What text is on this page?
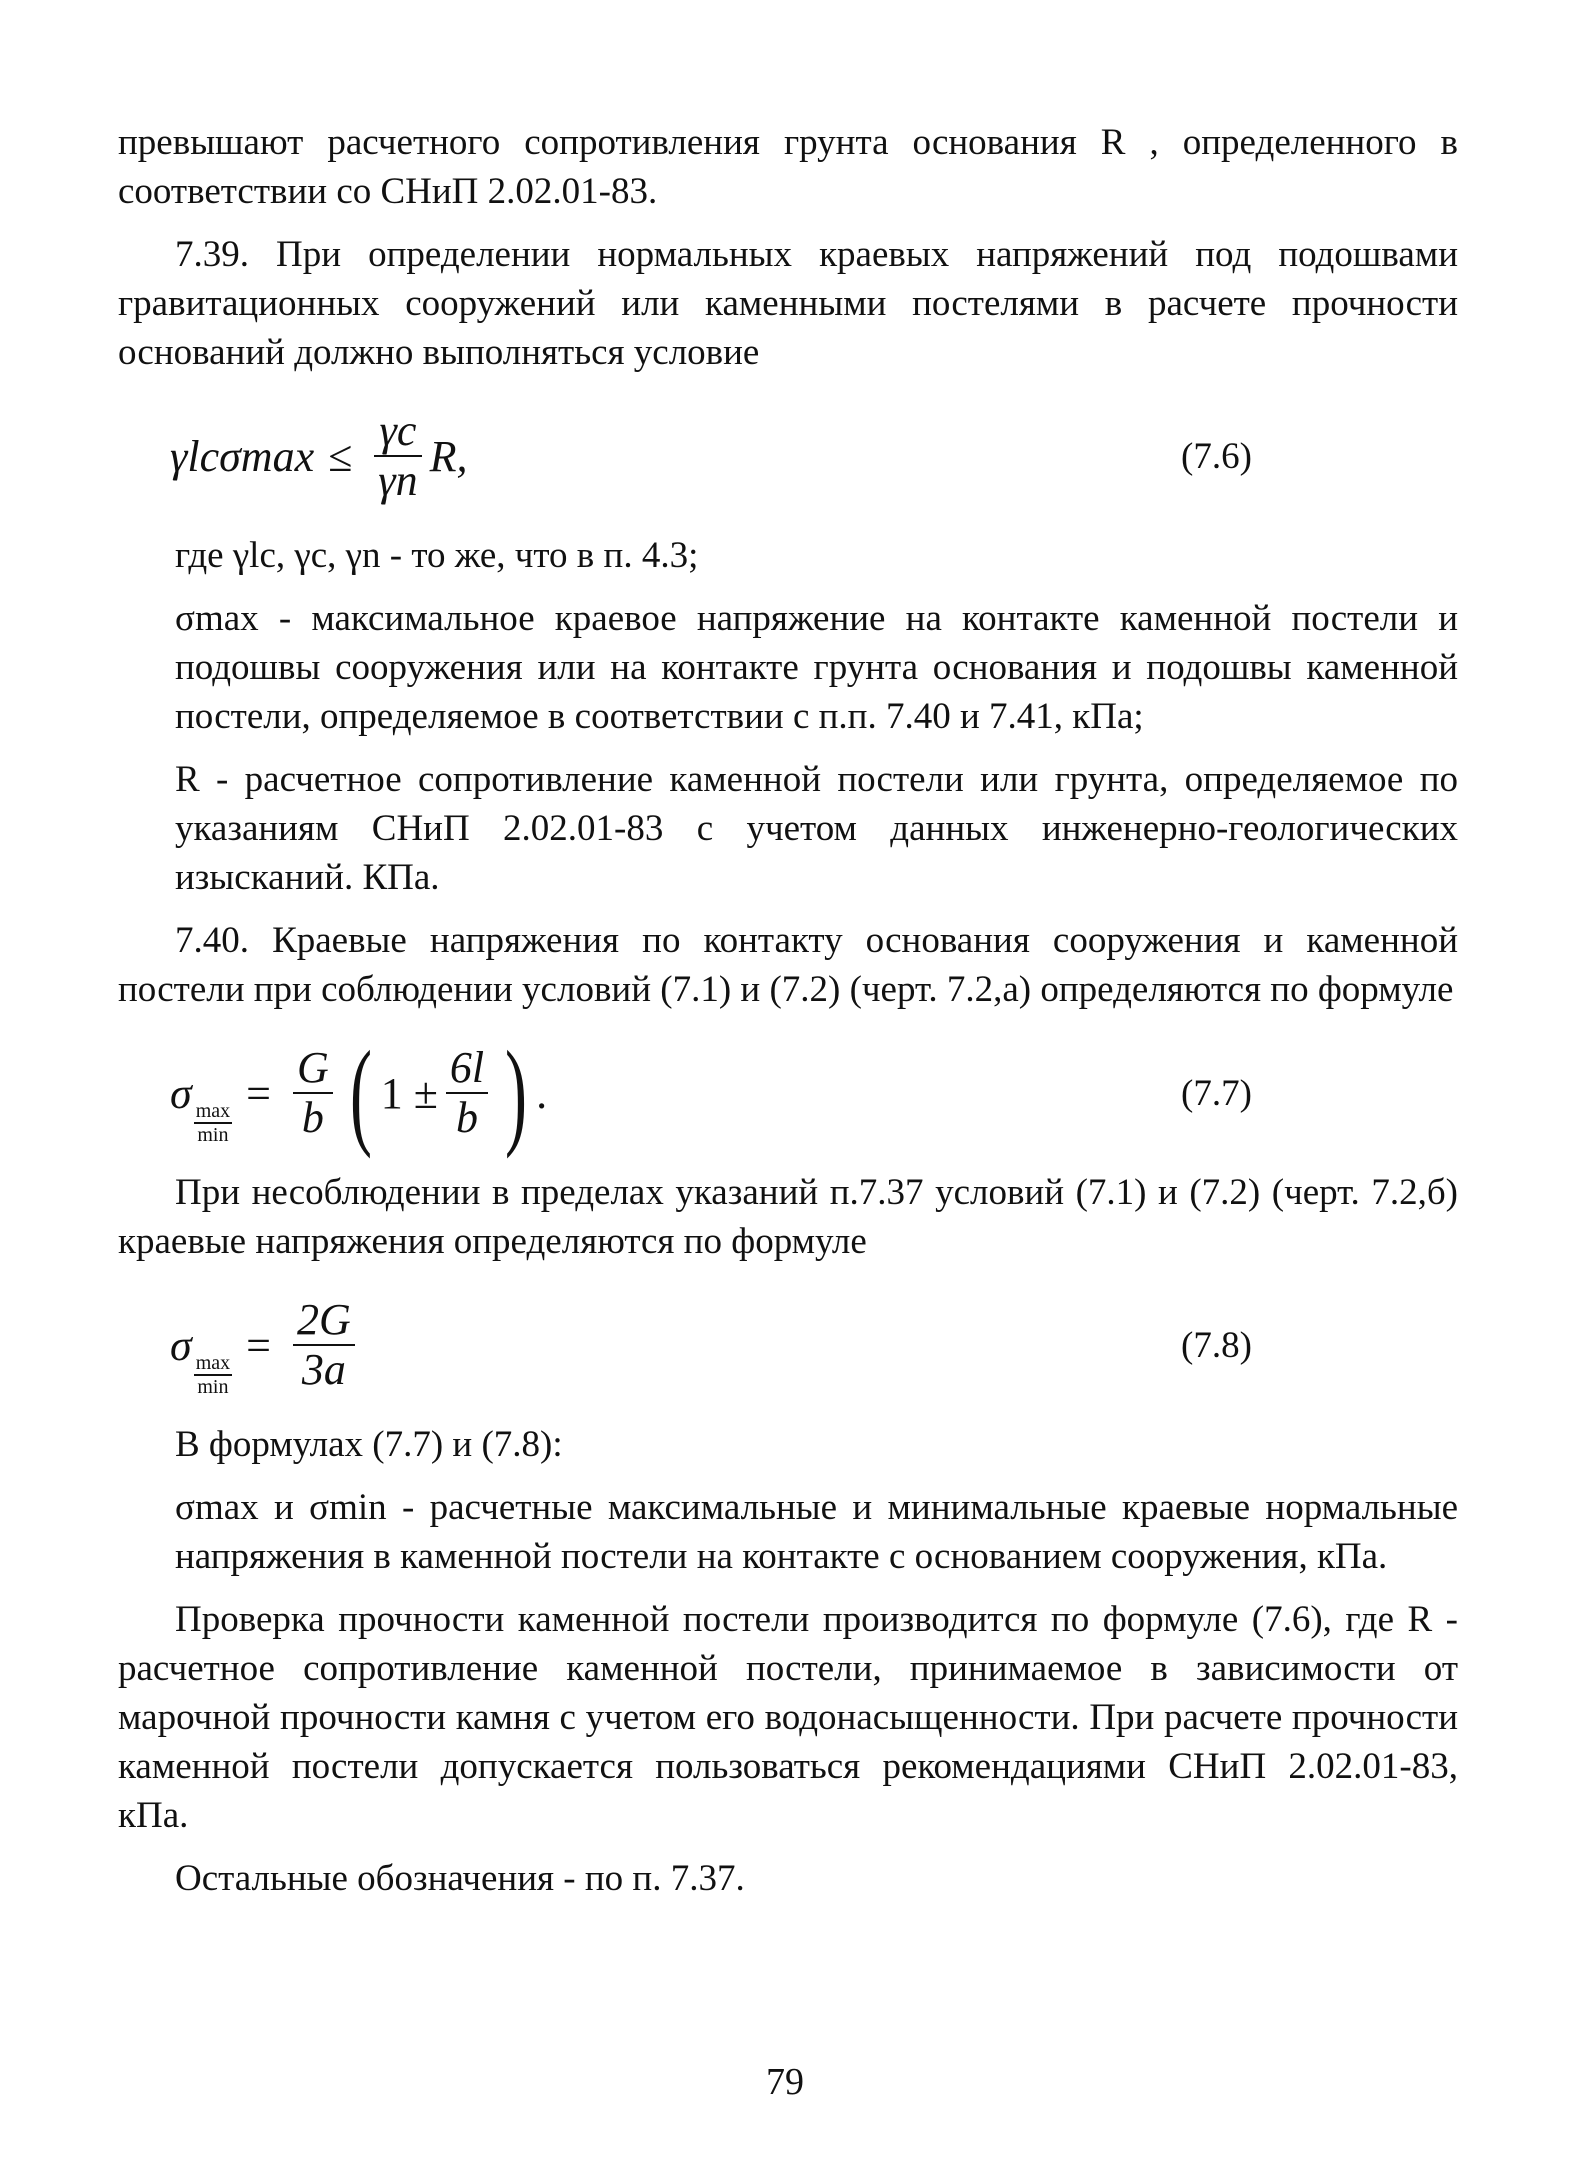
превышают расчетного сопротивления грунта основания R , определенного в соответствии со СНиП 2.02.01-83.

7.39. При определении нормальных краевых напряжений под подошвами гравитационных сооружений или каменными постелями в расчете прочности оснований должно выполняться условие

$\gamma lc\sigma\max \le \frac{\gamma c}{\gamma n} R$,	(7.6)

где γlc, γc, γn - то же, что в п. 4.3;

σmax - максимальное краевое напряжение на контакте каменной постели и подошвы сооружения или на контакте грунта основания и подошвы каменной постели, определяемое в соответствии с п.п. 7.40 и 7.41, кПа;

R - расчетное сопротивление каменной постели или грунта, определяемое по указаниям СНиП 2.02.01-83 с учетом данных инженерно-геологических изысканий. КПа.

7.40. Краевые напряжения по контакту основания сооружения и каменной постели при соблюдении условий (7.1) и (7.2) (черт. 7.2,а) определяются по формуле

σ max
min
= $\frac{G}{b}$ ( $1 \pm \frac{6l}{b}$ ) .	(7.7)

При несоблюдении в пределах указаний п.7.37 условий (7.1) и (7.2) (черт. 7.2,б) краевые напряжения определяются по формуле

σ max
min
= $\frac{2G}{3a}$	(7.8)

В формулах (7.7) и (7.8):

σmax и σmin - расчетные максимальные и минимальные краевые нормальные напряжения в каменной постели на контакте с основанием сооружения, кПа.

Проверка прочности каменной постели производится по формуле (7.6), где R - расчетное сопротивление каменной постели, принимаемое в зависимости от марочной прочности камня с учетом его водонасыщенности. При расчете прочности каменной постели допускается пользоваться рекомендациями СНиП 2.02.01-83, кПа.

Остальные обозначения - по п. 7.37.

79
